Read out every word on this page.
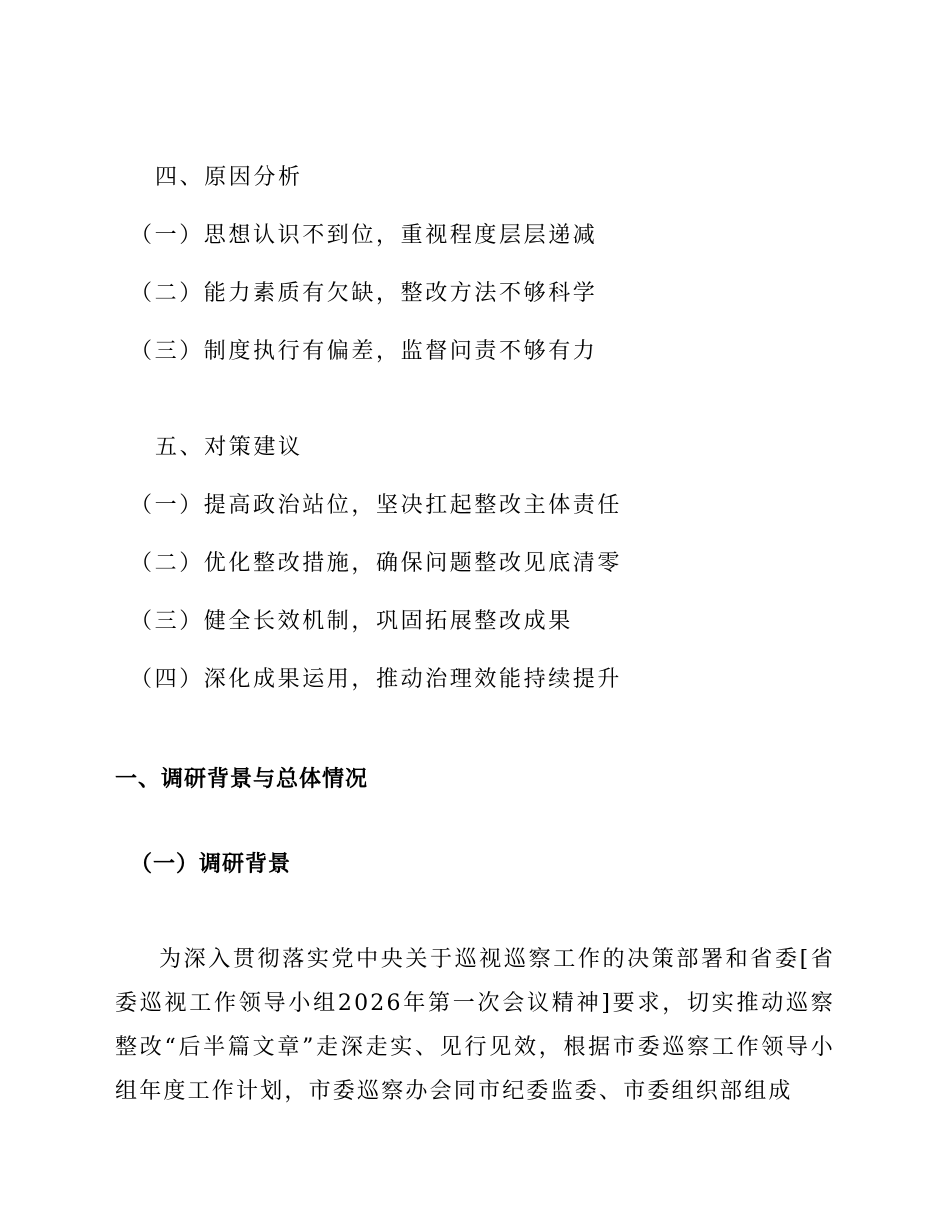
四、原因分析
（一）思想认识不到位，重视程度层层递减
（二）能力素质有欠缺，整改方法不够科学
（三）制度执行有偏差，监督问责不够有力
五、对策建议
（一）提高政治站位，坚决扛起整改主体责任
（二）优化整改措施，确保问题整改见底清零
（三）健全长效机制，巩固拓展整改成果
（四）深化成果运用，推动治理效能持续提升
一、调研背景与总体情况
（一）调研背景
为深入贯彻落实党中央关于巡视巡察工作的决策部署和省委[省委巡视工作领导小组2026年第一次会议精神]要求，切实推动巡察整改“后半篇文章”走深走实、见行见效，根据市委巡察工作领导小组年度工作计划，市委巡察办会同市纪委监委、市委组织部组成
